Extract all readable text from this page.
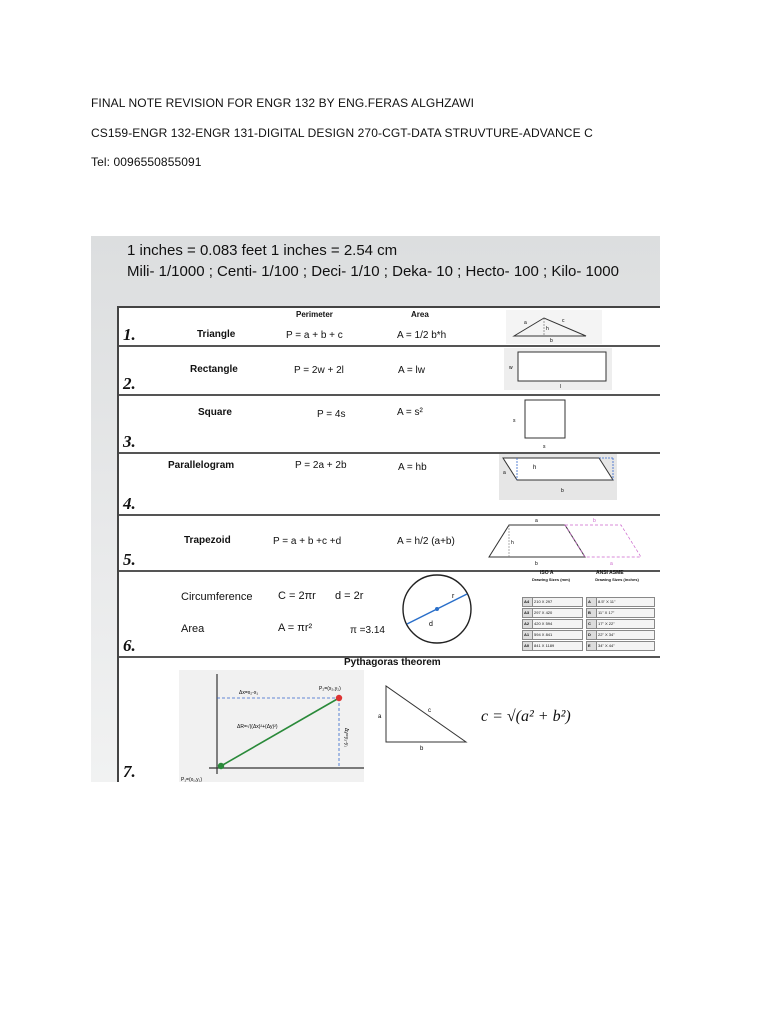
FINAL NOTE REVISION FOR ENGR 132 BY ENG.FERAS ALGHZAWI
CS159-ENGR 132-ENGR 131-DIGITAL DESIGN 270-CGT-DATA STRUVTURE-ADVANCE C
Tel: 0096550855091
1 inches = 0.083 feet 1 inches = 2.54 cm
Mili- 1/1000 ; Centi- 1/100 ; Deci- 1/10 ; Deka- 10 ; Hecto- 100 ; Kilo- 1000
Perimeter	Area
1.	Triangle	P = a + b + c	A = 1/2 b*h
a	c
h
b
2.
Rectangle	P = 2w + 2l	A = lw	w
l
3.
Square	P = 4s	A = s²
s
s
4.
Parallelogram	P = 2a + 2b	A = hb	a
h
b
5.
Trapezoid	P = a + b +c +d	A = h/2 (a+b)
a
h
b
b
a
6.
Circumference C = 2πr d = 2r
Area	A = πr²	π =3.14
r
d
ISO A
Drawing Sizes (mm)
ANSI ASME
Drawing Sizes (inches)
A4	210 X 297	A	8.5" X 11"
A3	297 X 420	B	11" X 17"
A2	420 X 594	C	17" X 22"
A1	594 X 841	D	22" X 34"
A0	841 X 1189	E	34" X 44"
7.
Pythagoras theorem
Δx=x₂-x₁
ΔR=√((Δx)²+(Δy)²)
Δy=y₂-y₁
P₂=(x₂,y₂)
P₁=(x₁,y₁)
a
b
c	c = √(a² + b²)
